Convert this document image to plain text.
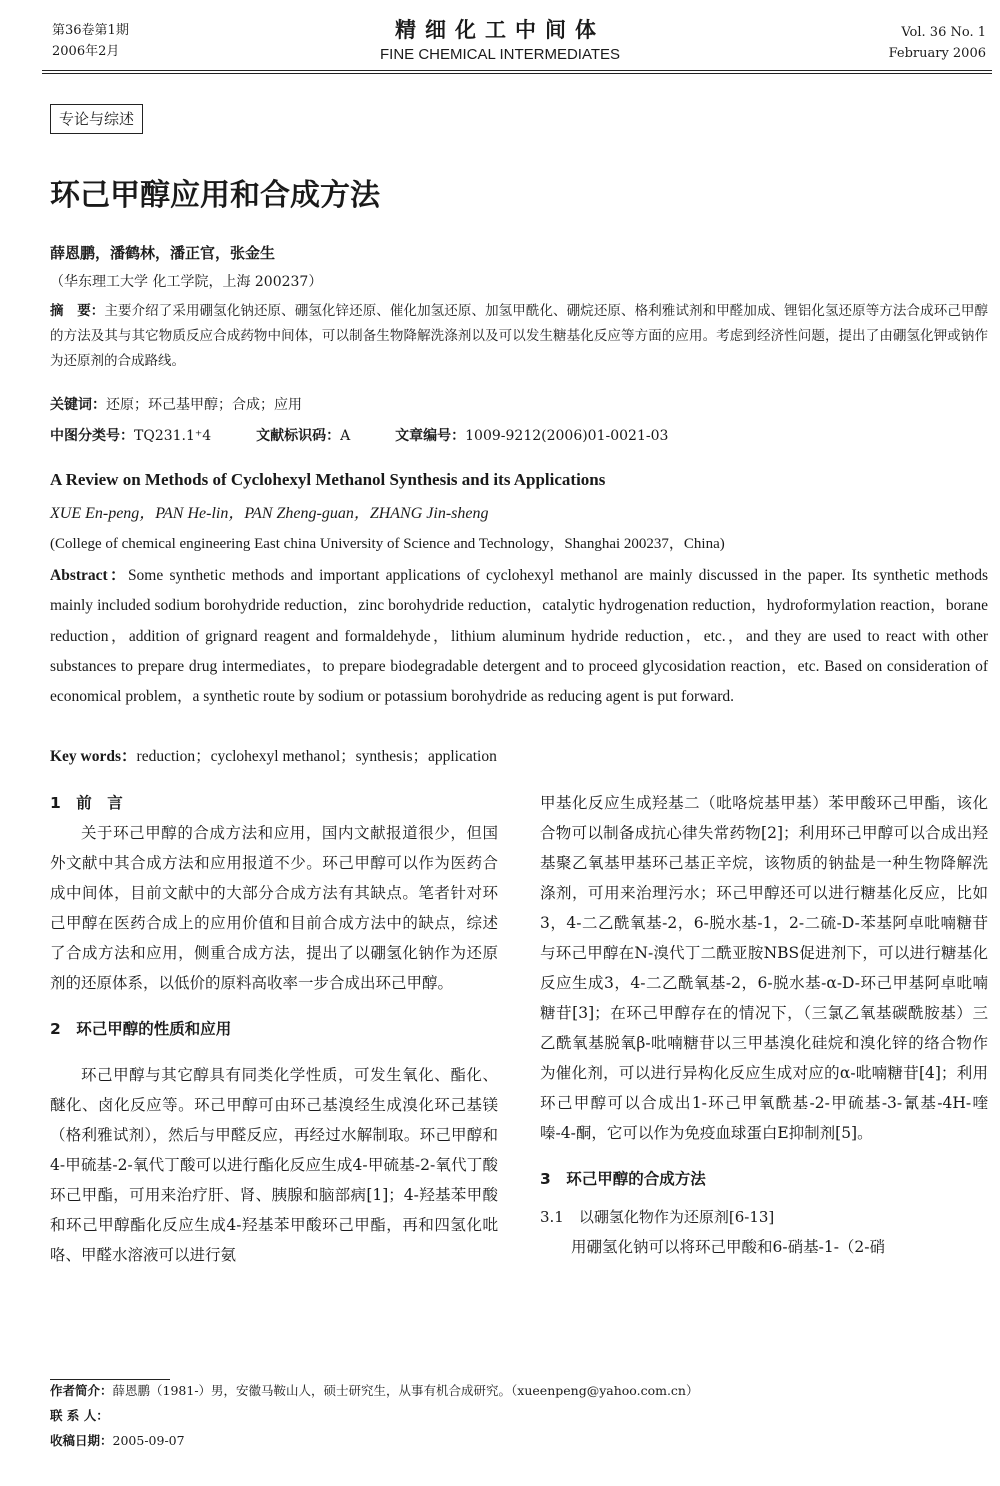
第36卷第1期
2006年2月
精细化工中间体
FINE CHEMICAL INTERMEDIATES
Vol. 36 No. 1
February 2006
专论与综述
环己甲醇应用和合成方法
薛恩鹏，潘鹤林，潘正官，张金生
（华东理工大学 化工学院，上海 200237）
摘　要：主要介绍了采用硼氢化钠还原、硼氢化锌还原、催化加氢还原、加氢甲酰化、硼烷还原、格利雅试剂和甲醛加成、锂铝化氢还原等方法合成环己甲醇的方法及其与其它物质反应合成药物中间体，可以制备生物降解洗涤剂以及可以发生糖基化反应等方面的应用。考虑到经济性问题，提出了由硼氢化钾或钠作为还原剂的合成路线。
关键词：还原；环己基甲醇；合成；应用
中图分类号：TQ231.1⁺4	文献标识码：A	文章编号：1009-9212(2006)01-0021-03
A Review on Methods of Cyclohexyl Methanol Synthesis and its Applications
XUE En-peng，PAN He-lin，PAN Zheng-guan，ZHANG Jin-sheng
(College of chemical engineering East china University of Science and Technology，Shanghai 200237，China)
Abstract：Some synthetic methods and important applications of cyclohexyl methanol are mainly discussed in the paper. Its synthetic methods mainly included sodium borohydride reduction，zinc borohydride reduction，catalytic hydrogenation reduction，hydroformylation reaction，borane reduction，addition of grignard reagent and formaldehyde，lithium aluminum hydride reduction，etc.，and they are used to react with other substances to prepare drug intermediates，to prepare biodegradable detergent and to proceed glycosidation reaction，etc. Based on consideration of economical problem，a synthetic route by sodium or potassium borohydride as reducing agent is put forward.
Key words：reduction；cyclohexyl methanol；synthesis；application
1　前　言

关于环己甲醇的合成方法和应用，国内文献报道很少，但国外文献中其合成方法和应用报道不少。环己甲醇可以作为医药合成中间体，目前文献中的大部分合成方法有其缺点。笔者针对环己甲醇在医药合成上的应用价值和目前合成方法中的缺点，综述了合成方法和应用，侧重合成方法，提出了以硼氢化钠作为还原剂的还原体系，以低价的原料高收率一步合成出环己甲醇。

2　环己甲醇的性质和应用

环己甲醇与其它醇具有同类化学性质，可发生氧化、酯化、醚化、卤化反应等。环己甲醇可由环己基溴经生成溴化环己基镁（格利雅试剂），然后与甲醛反应，再经过水解制取。环己甲醇和4-甲硫基-2-氧代丁酸可以进行酯化反应生成4-甲硫基-2-氧代丁酸环己甲酯，可用来治疗肝、肾、胰腺和脑部病[1]；4-羟基苯甲酸和环己甲醇酯化反应生成4-羟基苯甲酸环己甲酯，再和四氢化吡咯、甲醛水溶液可以进行氨

甲基化反应生成羟基二（吡咯烷基甲基）苯甲酸环己甲酯，该化合物可以制备成抗心律失常药物[2]；利用环己甲醇可以合成出羟基聚乙氧基甲基环己基正辛烷，该物质的钠盐是一种生物降解洗涤剂，可用来治理污水；环己甲醇还可以进行糖基化反应，比如3，4-二乙酰氧基-2，6-脱水基-1，2-二硫-D-苯基阿卓吡喃糖苷与环己甲醇在N-溴代丁二酰亚胺NBS促进剂下，可以进行糖基化反应生成3，4-二乙酰氧基-2，6-脱水基-α-D-环己甲基阿卓吡喃糖苷[3]；在环己甲醇存在的情况下，（三氯乙氧基碳酰胺基）三乙酰氧基脱氧β-吡喃糖苷以三甲基溴化硅烷和溴化锌的络合物作为催化剂，可以进行异构化反应生成对应的α-吡喃糖苷[4]；利用环己甲醇可以合成出1-环己甲氧酰基-2-甲硫基-3-氰基-4H-喹嗪-4-酮，它可以作为免疫血球蛋白E抑制剂[5]。

3　环己甲醇的合成方法
3.1　以硼氢化物作为还原剂[6-13]

用硼氢化钠可以将环己甲酸和6-硝基-1-（2-硝

作者简介：薛恩鹏（1981-）男，安徽马鞍山人，硕士研究生，从事有机合成研究。（xueenpeng@yahoo.com.cn）
联 系 人：
收稿日期：2005-09-07
